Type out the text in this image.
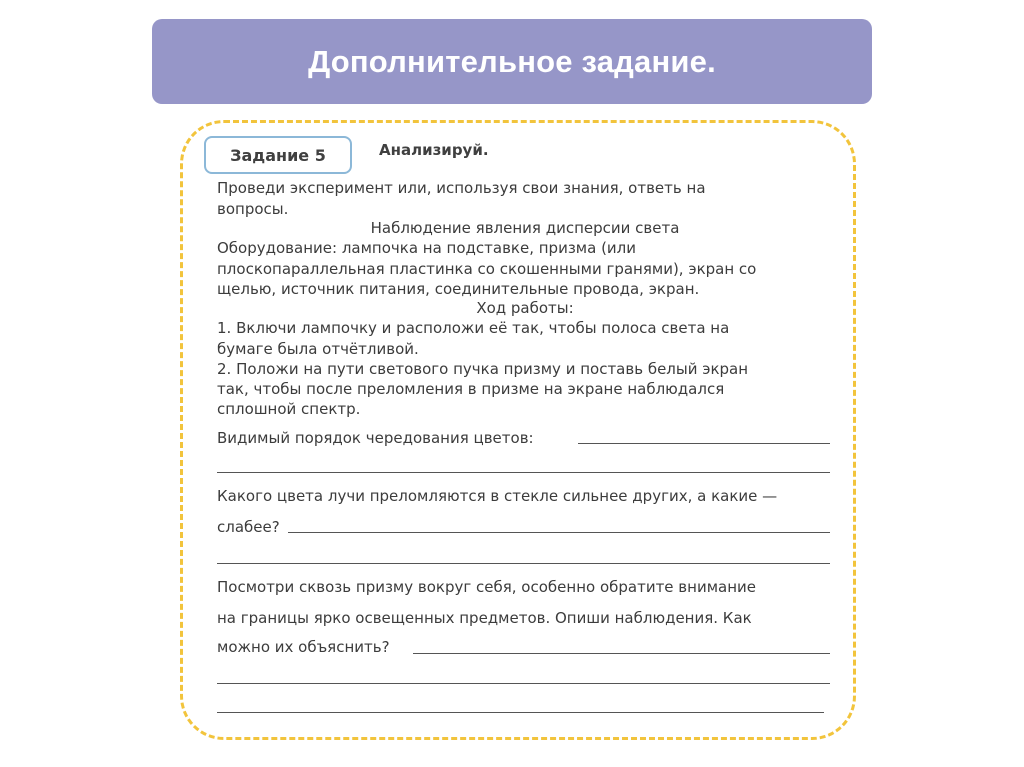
Дополнительное задание.
Задание 5	Анализируй.
Проведи эксперимент или, используя свои знания, ответь на
вопросы.
Наблюдение явления дисперсии света
Оборудование: лампочка на подставке, призма (или
плоскопараллельная пластинка со скошенными гранями), экран со
щелью, источник питания, соединительные провода, экран.
Ход работы:
1. Включи лампочку и расположи её так, чтобы полоса света на
бумаге была отчётливой.
2. Положи на пути светового пучка призму и поставь белый экран
так, чтобы после преломления в призме на экране наблюдался
сплошной спектр.
Видимый порядок чередования цветов:
Какого цвета лучи преломляются в стекле сильнее других, а какие —
слабее?
Посмотри сквозь призму вокруг себя, особенно обратите внимание
на границы ярко освещенных предметов. Опиши наблюдения. Как
можно их объяснить?
